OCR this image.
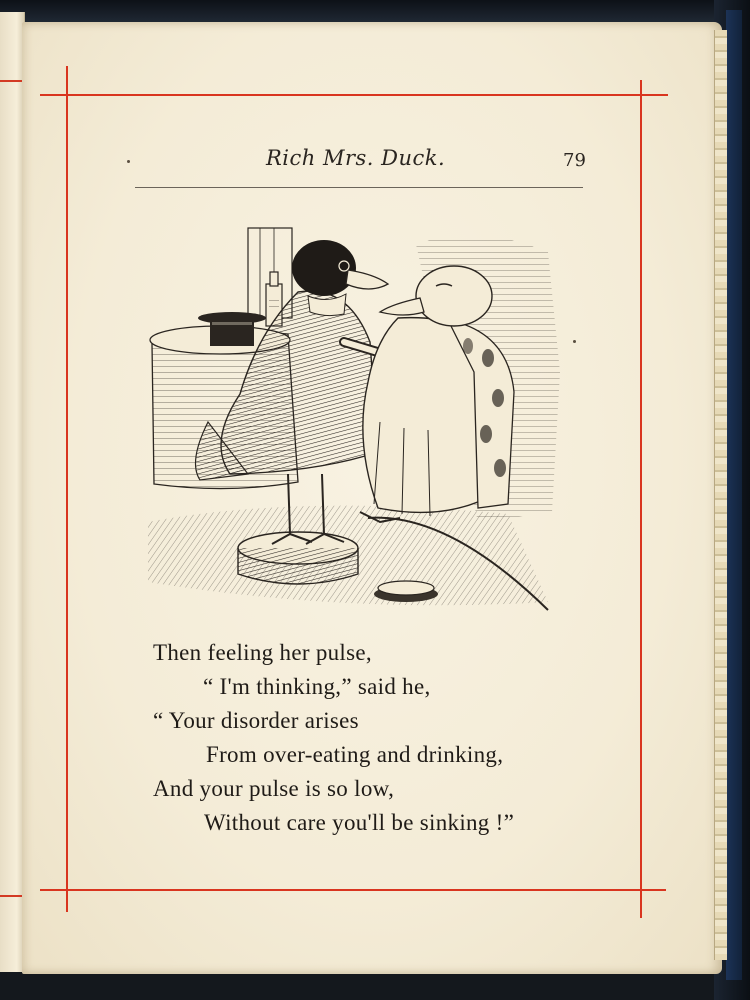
Rich Mrs. Duck.	79
Then feeling her pulse,
“ I'm thinking,” said he,
“ Your disorder arises
From over-eating and drinking,
And your pulse is so low,
Without care you'll be sinking !”
